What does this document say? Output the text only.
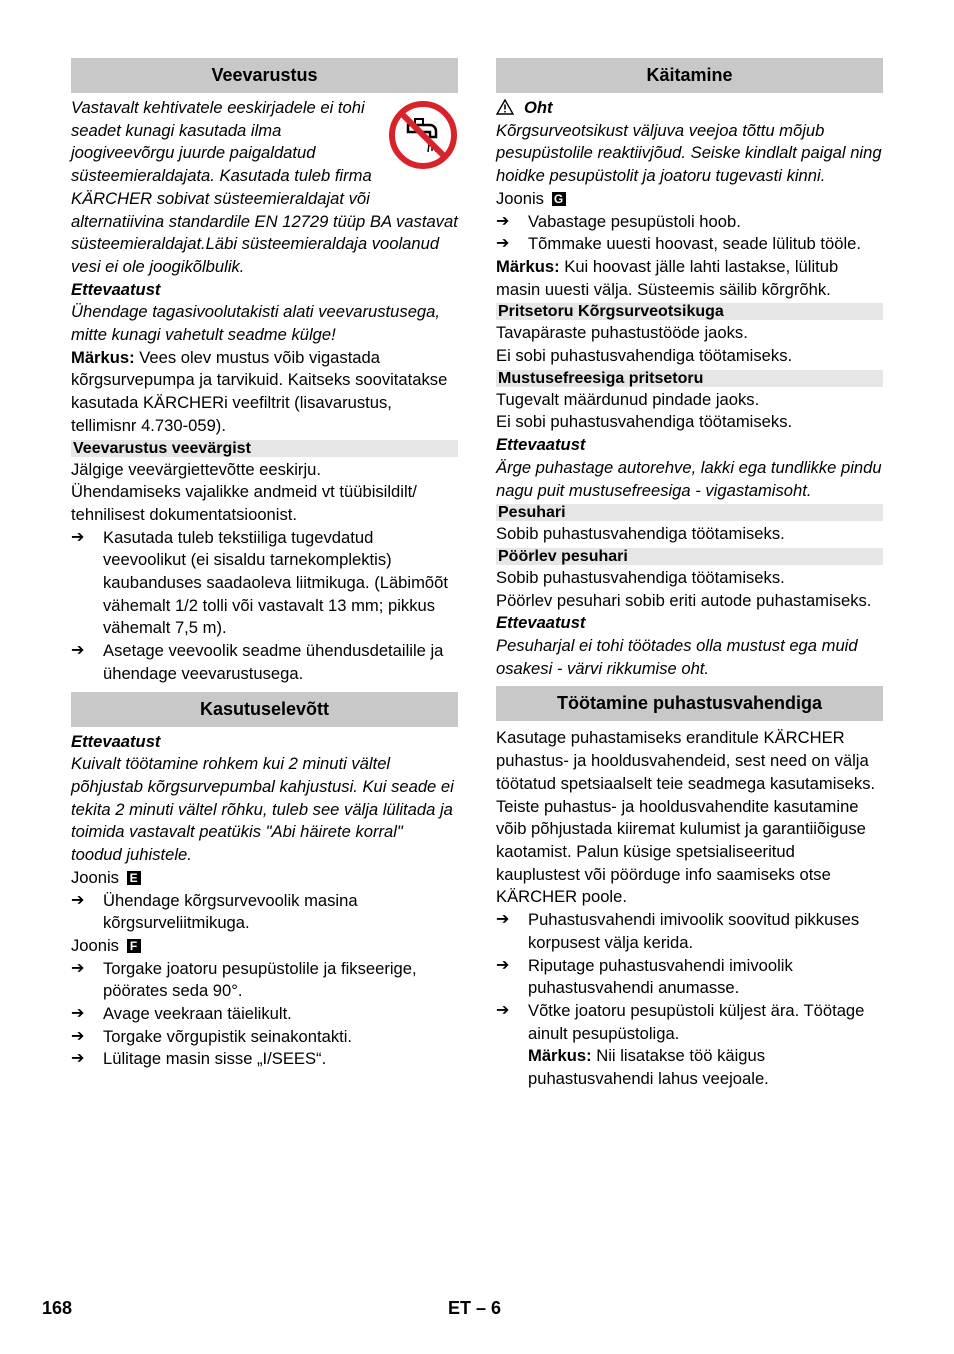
Veevarustus

Vastavalt kehtivatele eeskirjadele ei tohi seadet kunagi kasutada ilma joogiveevõrgu juurde paigaldatud süsteemieraldajata. Kasutada tuleb firma KÄRCHER sobivat süsteemieraldajat või alternatiivina standardile EN 12729 tüüp BA vastavat süsteemieraldajat.Läbi süsteemieraldaja voolanud vesi ei ole joogikõlbulik.

Ettevaatust

Ühendage tagasivoolutakisti alati veevarustusega, mitte kunagi vahetult seadme külge!

Märkus: Vees olev mustus võib vigastada kõrgsurvepumpa ja tarvikuid. Kaitseks soovitatakse kasutada KÄRCHERi veefiltrit (lisavarustus, tellimisnr 4.730-059).

Veevarustus veevärgist

Jälgige veevärgiettevõtte eeskirju.

Ühendamiseks vajalikke andmeid vt tüübisildilt/ tehnilisest dokumentatsioonist.

➔	Kasutada tuleb tekstiiliga tugevdatud veevoolikut (ei sisaldu tarnekomplektis) kaubanduses saadaoleva liitmikuga. (Läbimõõt vähemalt 1/2 tolli või vastavalt 13 mm; pikkus vähemalt 7,5 m).
➔	Asetage veevoolik seadme ühendusdetailile ja ühendage veevarustusega.
Kasutuselevõtt

Ettevaatust

Kuivalt töötamine rohkem kui 2 minuti vältel põhjustab kõrgsurvepumbal kahjustusi. Kui seade ei tekita 2 minuti vältel rõhku, tuleb see välja lülitada ja toimida vastavalt peatükis "Abi häirete korral" toodud juhistele.

Joonis E

➔	Ühendage kõrgsurvevoolik masina kõrgsurveliitmikuga.

Joonis F

➔	Torgake joatoru pesupüstolile ja fikseerige, pöörates seda 90°.
➔	Avage veekraan täielikult.
➔	Torgake võrgupistik seinakontakti.
➔	Lülitage masin sisse „I/SEES“.
Käitamine

Oht

Kõrgsurveotsikust väljuva veejoa tõttu mõjub pesupüstolile reaktiivjõud. Seiske kindlalt paigal ning hoidke pesupüstolit ja joatoru tugevasti kinni.

Joonis G

➔	Vabastage pesupüstoli hoob.
➔	Tõmmake uuesti hoovast, seade lülitub tööle.

Märkus: Kui hoovast jälle lahti lastakse, lülitub masin uuesti välja. Süsteemis säilib kõrgrõhk.

Pritsetoru Kõrgsurveotsikuga

Tavapäraste puhastustööde jaoks.

Ei sobi puhastusvahendiga töötamiseks.

Mustusefreesiga pritsetoru

Tugevalt määrdunud pindade jaoks.

Ei sobi puhastusvahendiga töötamiseks.

Ettevaatust

Ärge puhastage autorehve, lakki ega tundlikke pindu nagu puit mustusefreesiga - vigastamisoht.

Pesuhari

Sobib puhastusvahendiga töötamiseks.

Pöörlev pesuhari

Sobib puhastusvahendiga töötamiseks.

Pöörlev pesuhari sobib eriti autode puhastamiseks.

Ettevaatust

Pesuharjal ei tohi töötades olla mustust ega muid osakesi - värvi rikkumise oht.

Töötamine puhastusvahendiga

Kasutage puhastamiseks eranditule KÄRCHER puhastus- ja hooldusvahendeid, sest need on välja töötatud spetsiaalselt teie seadmega kasutamiseks. Teiste puhastus- ja hooldusvahendite kasutamine võib põhjustada kiiremat kulumist ja garantiiõiguse kaotamist. Palun küsige spetsialiseeritud kauplustest või pöörduge info saamiseks otse KÄRCHER poole.

➔	Puhastusvahendi imivoolik soovitud pikkuses korpusest välja kerida.
➔	Riputage puhastusvahendi imivoolik puhastusvahendi anumasse.
➔	Võtke joatoru pesupüstoli küljest ära. Töötage ainult pesupüstoliga.
Märkus: Nii lisatakse töö käigus puhastusvahendi lahus veejoale.
168	ET – 6
